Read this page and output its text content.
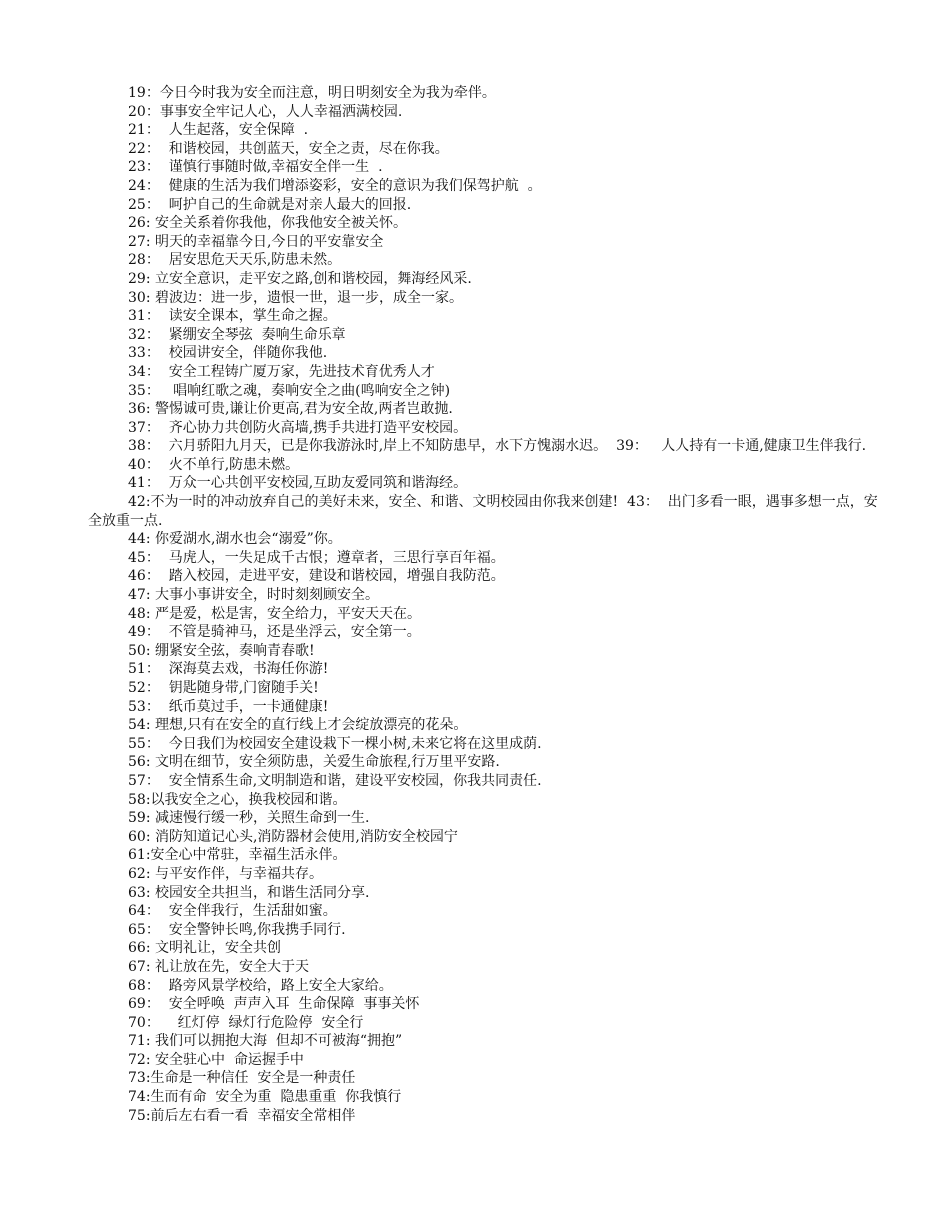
19：今日今时我为安全而注意，明日明刻安全为我为牵伴。

20：事事安全牢记人心，人人幸福洒满校园.

21：  人生起落，安全保障  .

22：  和谐校园，共创蓝天，安全之责，尽在你我。

23：  谨慎行事随时做,幸福安全伴一生  .

24：  健康的生活为我们增添姿彩，安全的意识为我们保驾护航  。

25：  呵护自己的生命就是对亲人最大的回报.

26: 安全关系着你我他，你我他安全被关怀。

27: 明天的幸福靠今日,今日的平安靠安全

28：  居安思危天天乐,防患未然。

29: 立安全意识，走平安之路,创和谐校园，舞海经风采.

30: 碧波边：进一步，遗恨一世，退一步，成全一家。

31：  读安全课本，掌生命之握。

32：  紧绷安全琴弦  奏响生命乐章

33：  校园讲安全，伴随你我他.

34：  安全工程铸广厦万家，先进技术育优秀人才

35：   唱响红歌之魂，奏响安全之曲(鸣响安全之钟)

36: 警惕诚可贵,谦让价更高,君为安全故,两者岂敢抛.

37：  齐心协力共创防火高墙,携手共进打造平安校园。

38：  六月骄阳九月天，已是你我游泳时,岸上不知防患早，水下方愧溺水迟。  39：   人人持有一卡通,健康卫生伴我行.

40：  火不单行,防患未燃。

41：  万众一心共创平安校园,互助友爱同筑和谐海经。

42:不为一时的冲动放弃自己的美好未来，安全、和谐、文明校园由你我来创建!  43：  出门多看一眼，遇事多想一点，安全放重一点.

44: 你爱湖水,湖水也会“溺爱”你。

45：  马虎人，一失足成千古恨；遵章者，三思行享百年福。

46：  踏入校园，走进平安，建设和谐校园，增强自我防范。

47: 大事小事讲安全，时时刻刻顾安全。

48: 严是爱，松是害，安全给力，平安天天在。

49：  不管是骑神马，还是坐浮云，安全第一。

50: 绷紧安全弦，奏响青春歌!

51：  深海莫去戏，书海任你游!

52：  钥匙随身带,门窗随手关!

53：  纸币莫过手，一卡通健康!

54: 理想,只有在安全的直行线上才会绽放漂亮的花朵。

55：  今日我们为校园安全建设栽下一棵小树,未来它将在这里成荫.

56: 文明在细节，安全须防患，关爱生命旅程,行万里平安路.

57：  安全情系生命,文明制造和谐，建设平安校园，你我共同责任.

58:以我安全之心，换我校园和谐。

59: 减速慢行缓一秒，关照生命到一生.

60: 消防知道记心头,消防器材会使用,消防安全校园宁

61:安全心中常驻，幸福生活永伴。

62: 与平安作伴，与幸福共存。

63: 校园安全共担当，和谐生活同分享.

64：  安全伴我行，生活甜如蜜。

65：  安全警钟长鸣,你我携手同行.

66: 文明礼让，安全共创

67: 礼让放在先，安全大于天

68：  路旁风景学校给，路上安全大家给。

69：  安全呼唤  声声入耳  生命保障  事事关怀

70：    红灯停  绿灯行危险停  安全行

71: 我们可以拥抱大海  但却不可被海“拥抱”

72: 安全驻心中  命运握手中

73:生命是一种信任  安全是一种责任

74:生而有命  安全为重  隐患重重  你我慎行

75:前后左右看一看  幸福安全常相伴
